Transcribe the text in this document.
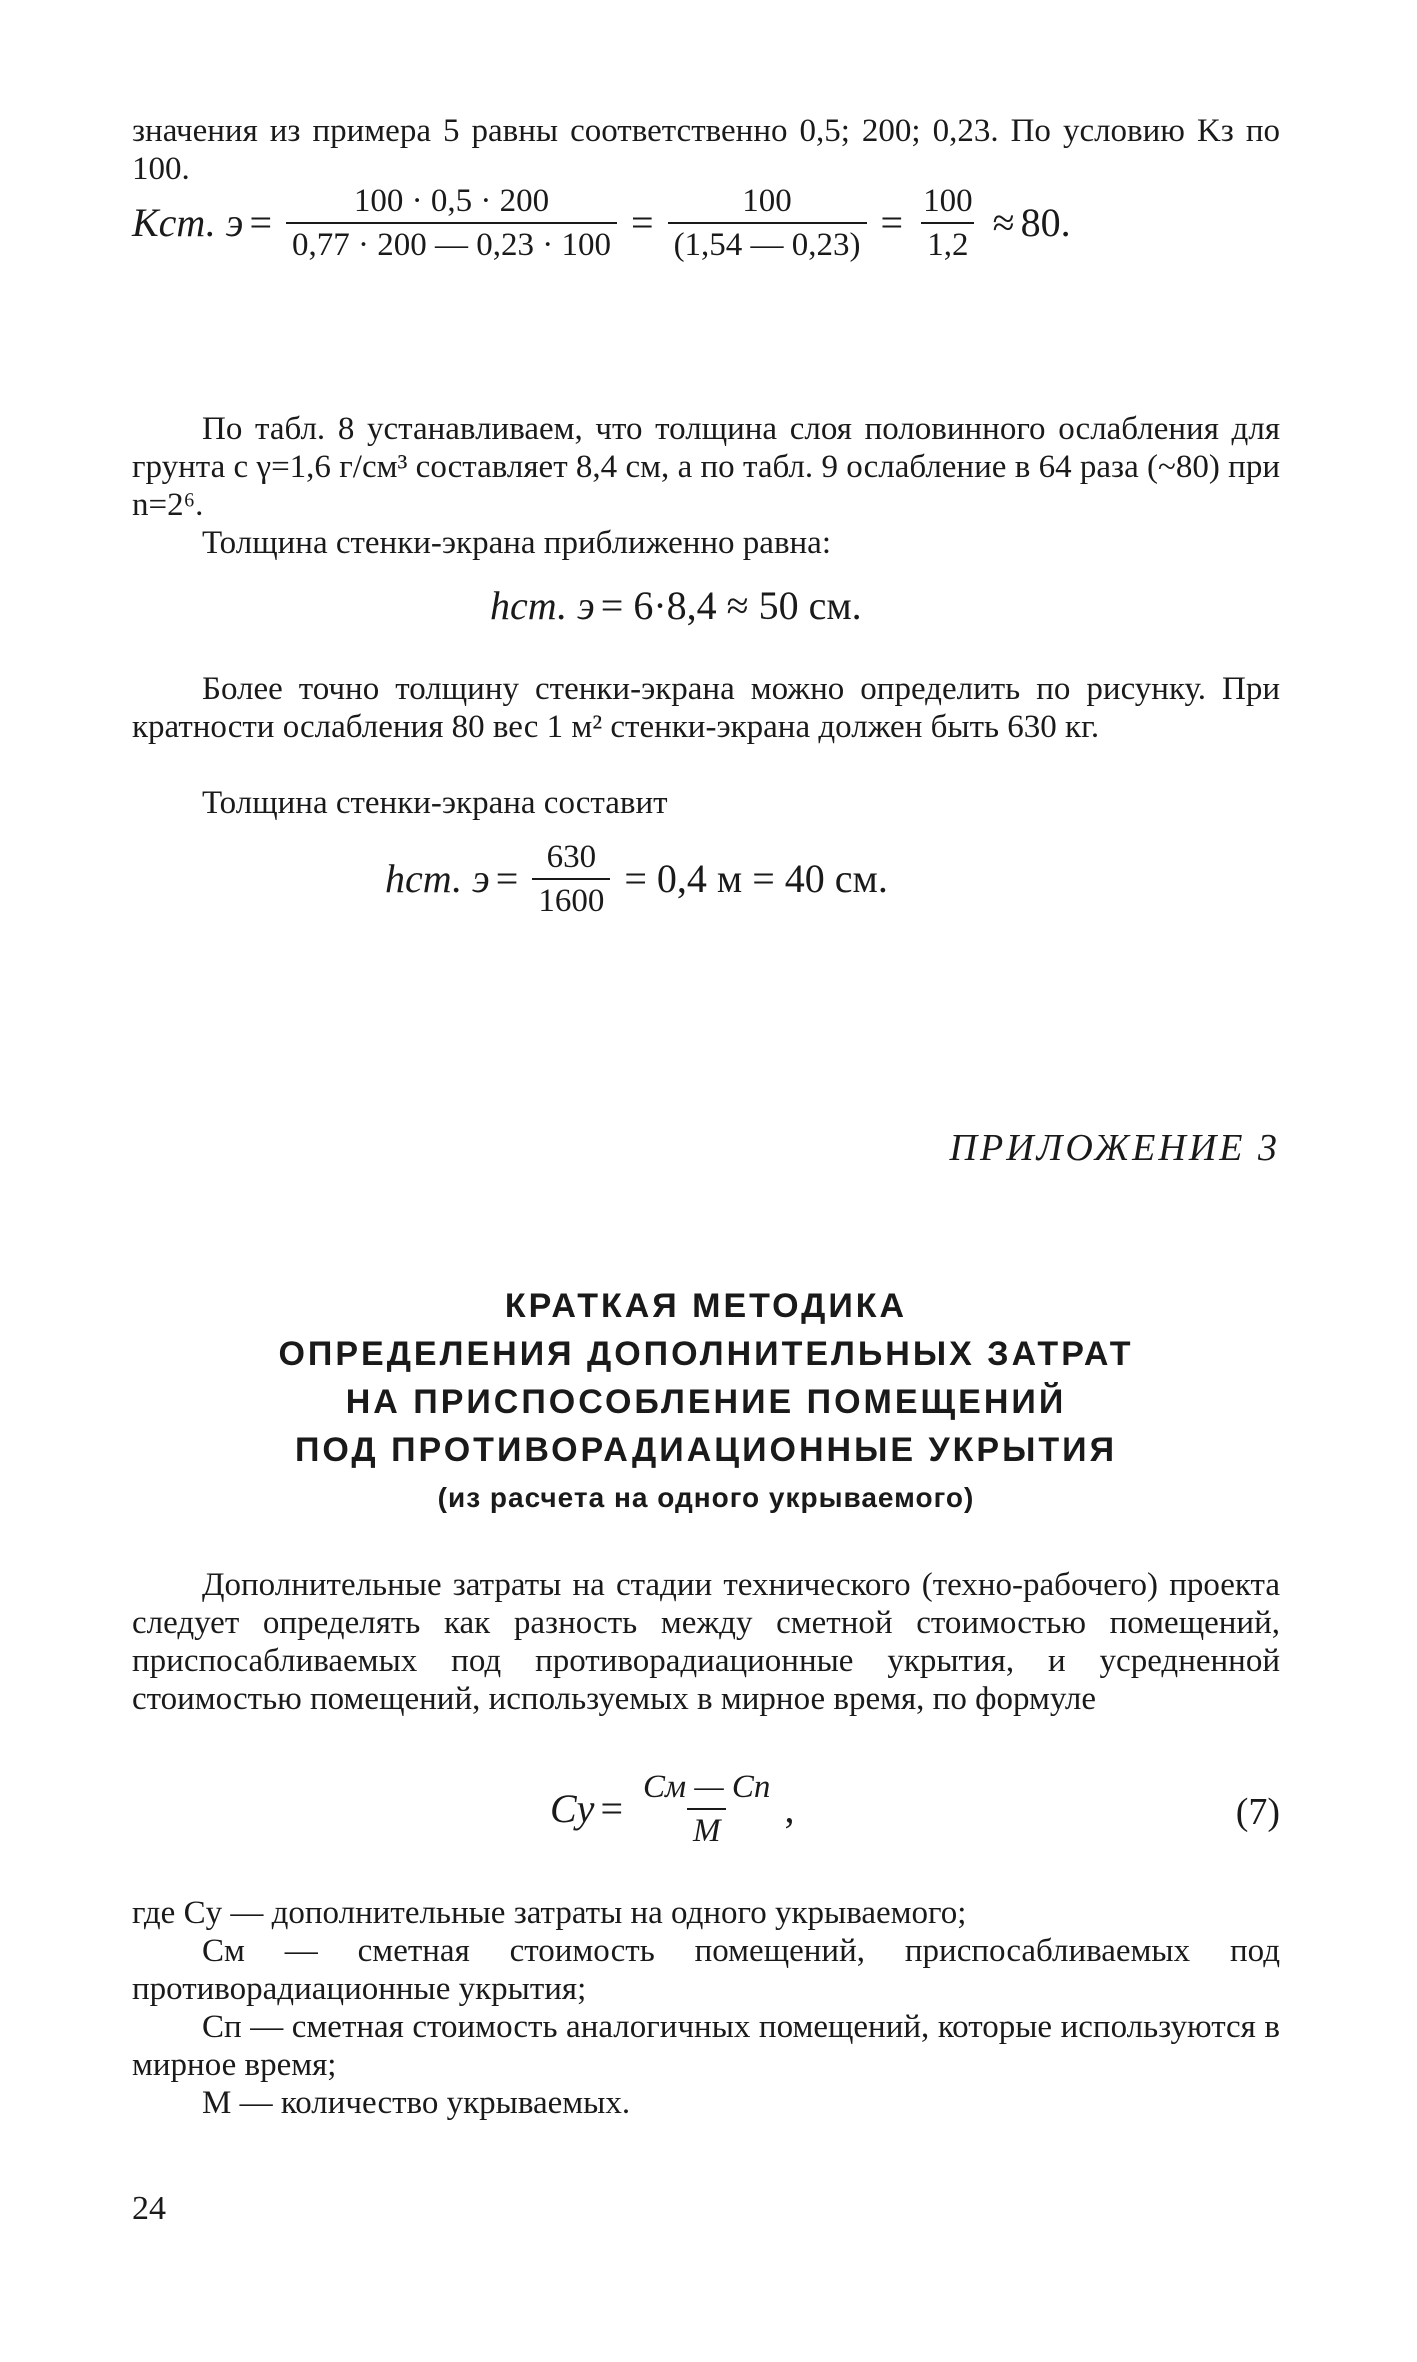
значения из примера 5 равны соответственно 0,5; 200; 0,23. По условию Kз по 100.

Kст. $э = \frac{100 \cdot 0,5 \cdot 200}{0,77 \cdot 200 — 0,23 \cdot 100} = \frac{100}{(1,54 — 0,23)} = \frac{100}{1,2} \approx 80$.

По табл. 8 устанавливаем, что толщина слоя половинного ослабления для грунта с γ=1,6 г/см³ составляет 8,4 см, а по табл. 9 ослабление в 64 раза (~80) при n=2⁶.

Толщина стенки-экрана приближенно равна:

hст. э = 6·8,4 ≈ 50 см.

Более точно толщину стенки-экрана можно определить по рисунку. При кратности ослабления 80 вес 1 м² стенки-экрана должен быть 630 кг.

Толщина стенки-экрана составит

hст. $э = \frac{630}{1600} = 0,4$ м = 40 см.
ПРИЛОЖЕНИЕ 3
КРАТКАЯ МЕТОДИКА
ОПРЕДЕЛЕНИЯ ДОПОЛНИТЕЛЬНЫХ ЗАТРАТ
НА ПРИСПОСОБЛЕНИЕ ПОМЕЩЕНИЙ
ПОД ПРОТИВОРАДИАЦИОННЫЕ УКРЫТИЯ
(из расчета на одного укрываемого)

Дополнительные затраты на стадии технического (техно-рабочего) проекта следует определять как разность между сметной стоимостью помещений, приспосабливаемых под противорадиационные укрытия, и усредненной стоимостью помещений, используемых в мирное время, по формуле

Cу = $\frac{Cм — Cп}{M}$ ,	(7)
где Cу — дополнительные затраты на одного укрываемого;
Cм — сметная стоимость помещений, приспосабливаемых под противорадиационные укрытия;
Cп — сметная стоимость аналогичных помещений, которые используются в мирное время;
M — количество укрываемых.
24
